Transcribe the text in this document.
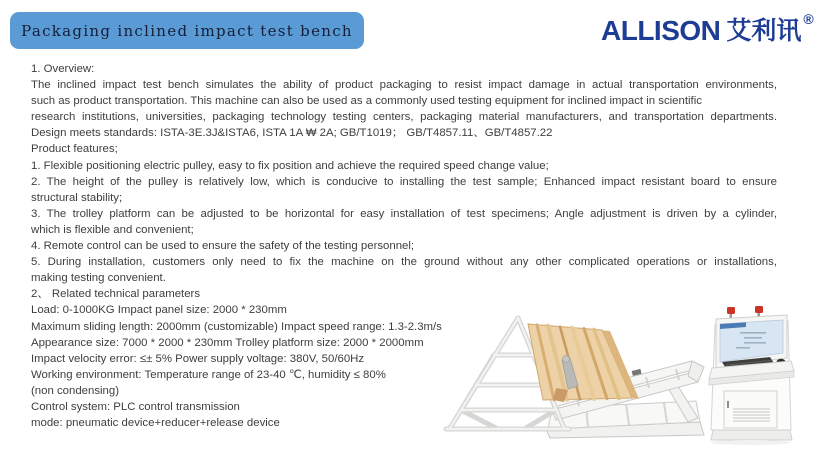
Packaging inclined impact test bench	ALLISON 艾利讯 ®
1. Overview:
The inclined impact test bench simulates the ability of product packaging to resist impact damage in actual transportation environments,
such as product transportation. This machine can also be used as a commonly used testing equipment for inclined impact in scientific
research institutions, universities, packaging technology testing centers, packaging material manufacturers, and transportation departments.
Design meets standards: ISTA-3E.3J&ISTA6, ISTA 1A ₩ 2A; GB/T1019； GB/T4857.11、GB/T4857.22
Product features;
1. Flexible positioning electric pulley, easy to fix position and achieve the required speed change value;
2. The height of the pulley is relatively low, which is conducive to installing the test sample; Enhanced impact resistant board to ensure
structural stability;
3. The trolley platform can be adjusted to be horizontal for easy installation of test specimens; Angle adjustment is driven by a cylinder,
which is flexible and convenient;
4. Remote control can be used to ensure the safety of the testing personnel;
5. During installation, customers only need to fix the machine on the ground without any other complicated operations or installations,
making testing convenient.
2、 Related technical parameters
Load: 0-1000KG Impact panel size: 2000 * 230mm
Maximum sliding length: 2000mm (customizable) Impact speed range: 1.3-2.3m/s
Appearance size: 7000 * 2000 * 230mm Trolley platform size: 2000 * 2000mm
Impact velocity error: ≤± 5% Power supply voltage: 380V, 50/60Hz
Working environment: Temperature range of 23-40 ℃, humidity ≤ 80%
(non condensing)
Control system: PLC control transmission
mode: pneumatic device+reducer+release device
